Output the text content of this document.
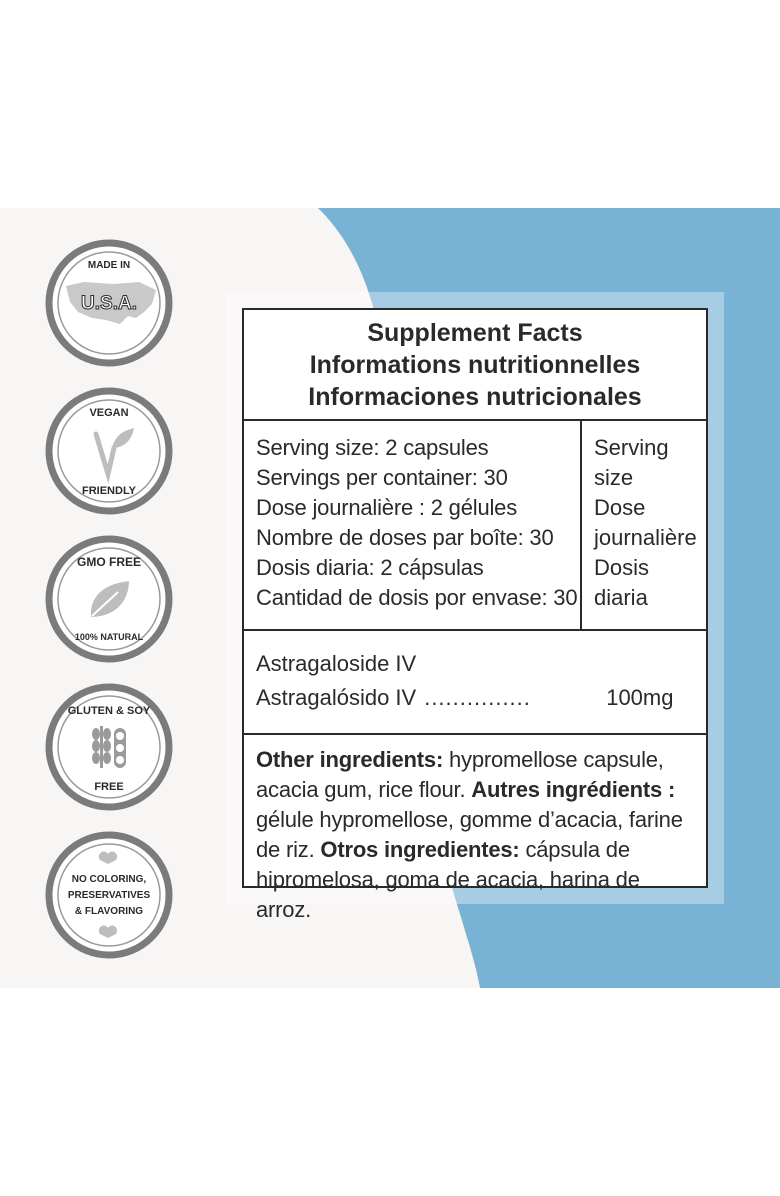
MADE IN
U.S.A.
VEGAN
FRIENDLY
GMO FREE
100% NATURAL
GLUTEN & SOY
FREE
NO COLORING,
PRESERVATIVES
& FLAVORING
Supplement Facts
Informations nutritionnelles
Informaciones nutricionales
Serving size: 2 capsules
Servings per container: 30
Dose journalière : 2 gélules
Nombre de doses par boîte: 30
Dosis diaria: 2 cápsulas
Cantidad de dosis por envase: 30
Serving
size
Dose
journalière
Dosis
diaria
Astragaloside IV
Astragalósido IV ...............	100mg
Other ingredients: hypromellose capsule, acacia gum, rice flour. Autres ingrédients : gélule hypromellose, gomme d’acacia, farine de riz. Otros ingredientes: cápsula de hipromelosa, goma de acacia, harina de arroz.
